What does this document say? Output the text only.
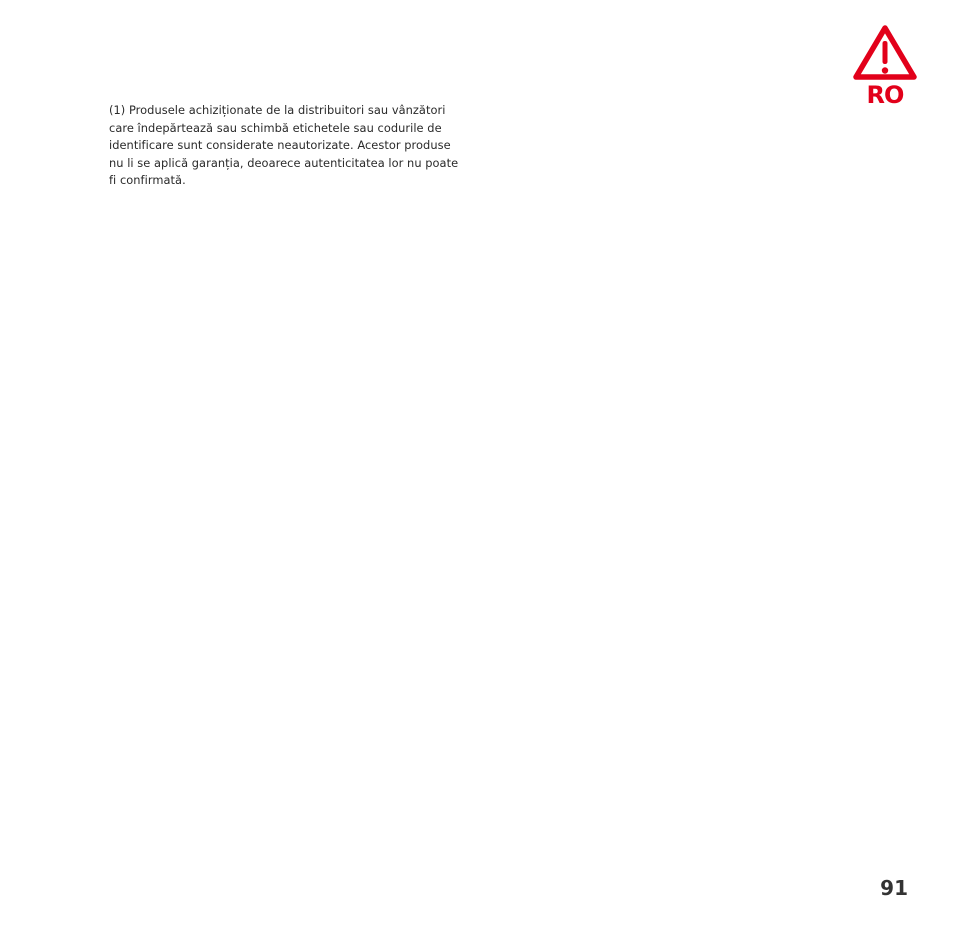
(1) Produsele achiziționate de la distribuitori sau vânzători
care îndepărtează sau schimbă etichetele sau codurile de
identificare sunt considerate neautorizate. Acestor produse
nu li se aplică garanția, deoarece autenticitatea lor nu poate
fi confirmată.
RO
91
